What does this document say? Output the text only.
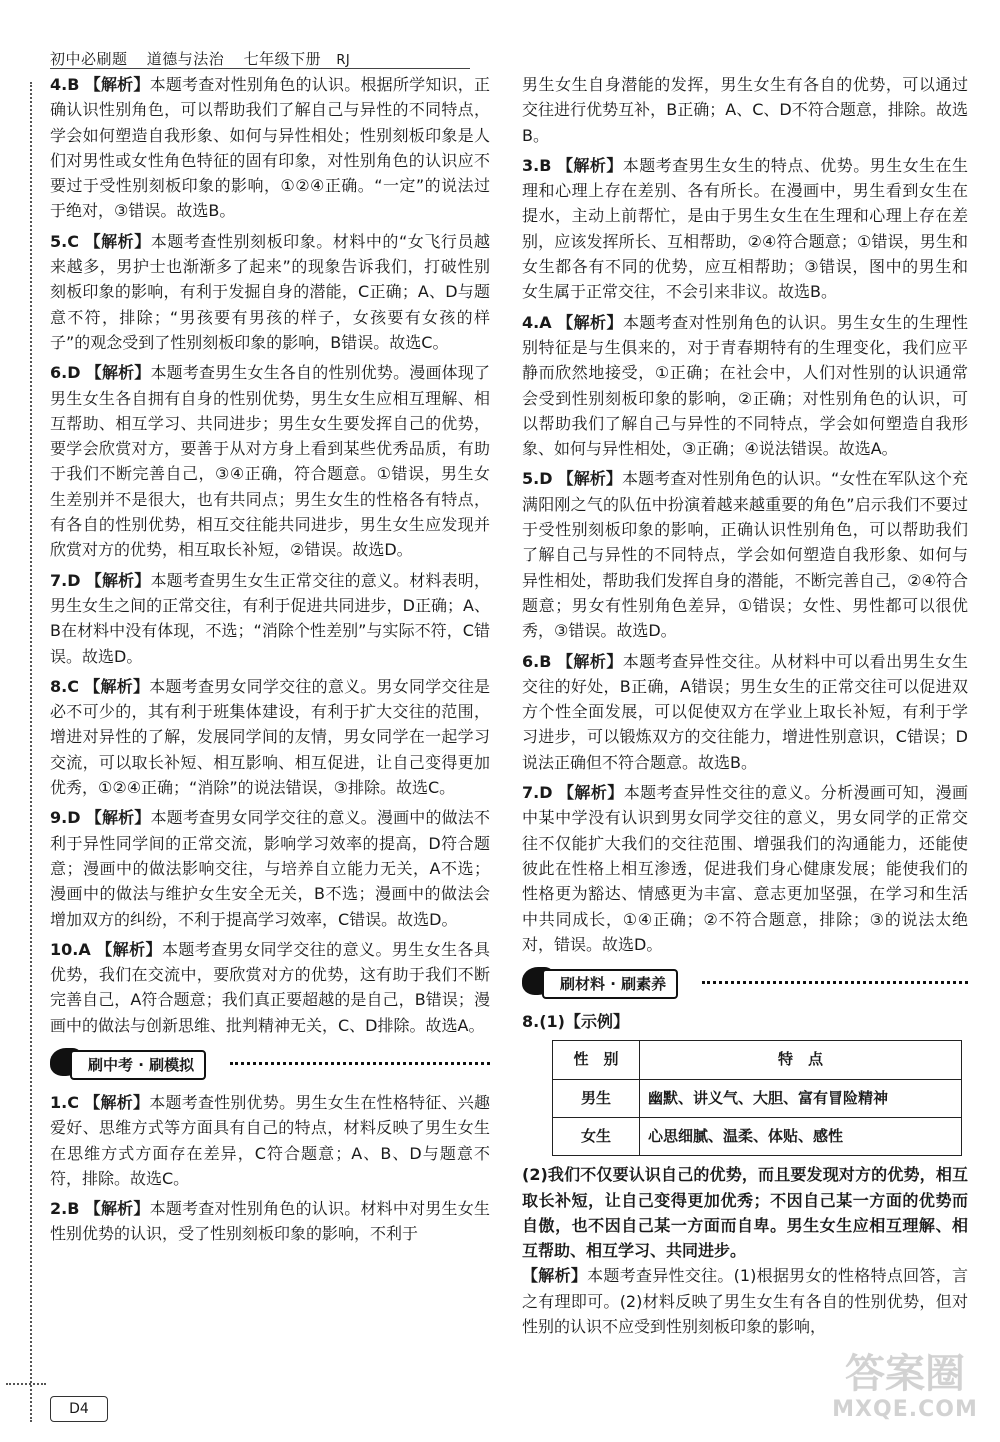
初中必刷题 道德与法治 七年级下册 RJ
4.B 【解析】本题考查对性别角色的认识。根据所学知识，正确认识性别角色，可以帮助我们了解自己与异性的不同特点，学会如何塑造自我形象、如何与异性相处；性别刻板印象是人们对男性或女性角色特征的固有印象，对性别角色的认识应不要过于受性别刻板印象的影响，①②④正确。“一定”的说法过于绝对，③错误。故选B。
5.C 【解析】本题考查性别刻板印象。材料中的“女飞行员越来越多，男护士也渐渐多了起来”的现象告诉我们，打破性别刻板印象的影响，有利于发掘自身的潜能，C正确；A、D与题意不符，排除；“男孩要有男孩的样子，女孩要有女孩的样子”的观念受到了性别刻板印象的影响，B错误。故选C。
6.D 【解析】本题考查男生女生各自的性别优势。漫画体现了男生女生各自拥有自身的性别优势，男生女生应相互理解、相互帮助、相互学习、共同进步；男生女生要发挥自己的优势，要学会欣赏对方，要善于从对方身上看到某些优秀品质，有助于我们不断完善自己，③④正确，符合题意。①错误，男生女生差别并不是很大，也有共同点；男生女生的性格各有特点，有各自的性别优势，相互交往能共同进步，男生女生应发现并欣赏对方的优势，相互取长补短，②错误。故选D。
7.D 【解析】本题考查男生女生正常交往的意义。材料表明，男生女生之间的正常交往，有利于促进共同进步，D正确；A、B在材料中没有体现，不选；“消除个性差别”与实际不符，C错误。故选D。
8.C 【解析】本题考查男女同学交往的意义。男女同学交往是必不可少的，其有利于班集体建设，有利于扩大交往的范围，增进对异性的了解，发展同学间的友情，男女同学在一起学习交流，可以取长补短、相互影响、相互促进，让自己变得更加优秀，①②④正确；“消除”的说法错误，③排除。故选C。
9.D 【解析】本题考查男女同学交往的意义。漫画中的做法不利于异性同学间的正常交流，影响学习效率的提高，D符合题意；漫画中的做法影响交往，与培养自立能力无关，A不选；漫画中的做法与维护女生安全无关，B不选；漫画中的做法会增加双方的纠纷，不利于提高学习效率，C错误。故选D。
10.A 【解析】本题考查男女同学交往的意义。男生女生各具优势，我们在交流中，要欣赏对方的优势，这有助于我们不断完善自己，A符合题意；我们真正要超越的是自己，B错误；漫画中的做法与创新思维、批判精神无关，C、D排除。故选A。
刷中考 · 刷模拟
1.C 【解析】本题考查性别优势。男生女生在性格特征、兴趣爱好、思维方式等方面具有自己的特点，材料反映了男生女生在思维方式方面存在差异，C符合题意；A、B、D与题意不符，排除。故选C。
2.B 【解析】本题考查对性别角色的认识。材料中对男生女生性别优势的认识，受了性别刻板印象的影响，不利于
男生女生自身潜能的发挥，男生女生有各自的优势，可以通过交往进行优势互补，B正确；A、C、D不符合题意，排除。故选B。
3.B 【解析】本题考查男生女生的特点、优势。男生女生在生理和心理上存在差别、各有所长。在漫画中，男生看到女生在提水，主动上前帮忙，是由于男生女生在生理和心理上存在差别，应该发挥所长、互相帮助，②④符合题意；①错误，男生和女生都各有不同的优势，应互相帮助；③错误，图中的男生和女生属于正常交往，不会引来非议。故选B。
4.A 【解析】本题考查对性别角色的认识。男生女生的生理性别特征是与生俱来的，对于青春期特有的生理变化，我们应平静而欣然地接受，①正确；在社会中，人们对性别的认识通常会受到性别刻板印象的影响，②正确；对性别角色的认识，可以帮助我们了解自己与异性的不同特点，学会如何塑造自我形象、如何与异性相处，③正确；④说法错误。故选A。
5.D 【解析】本题考查对性别角色的认识。“女性在军队这个充满阳刚之气的队伍中扮演着越来越重要的角色”启示我们不要过于受性别刻板印象的影响，正确认识性别角色，可以帮助我们了解自己与异性的不同特点，学会如何塑造自我形象、如何与异性相处，帮助我们发挥自身的潜能，不断完善自己，②④符合题意；男女有性别角色差异，①错误；女性、男性都可以很优秀，③错误。故选D。
6.B 【解析】本题考查异性交往。从材料中可以看出男生女生交往的好处，B正确，A错误；男生女生的正常交往可以促进双方个性全面发展，可以促使双方在学业上取长补短，有利于学习进步，可以锻炼双方的交往能力，增进性别意识，C错误；D说法正确但不符合题意。故选B。
7.D 【解析】本题考查异性交往的意义。分析漫画可知，漫画中某中学没有认识到男女同学交往的意义，男女同学的正常交往不仅能扩大我们的交往范围、增强我们的沟通能力，还能使彼此在性格上相互渗透，促进我们身心健康发展；能使我们的性格更为豁达、情感更为丰富、意志更加坚强，在学习和生活中共同成长，①④正确；②不符合题意，排除；③的说法太绝对，错误。故选D。
刷材料 · 刷素养
8.(1)【示例】
性　别	特　点
男生	幽默、讲义气、大胆、富有冒险精神
女生	心思细腻、温柔、体贴、感性
(2)我们不仅要认识自己的优势，而且要发现对方的优势，相互取长补短，让自己变得更加优秀；不因自己某一方面的优势而自傲，也不因自己某一方面而自卑。男生女生应相互理解、相互帮助、相互学习、共同进步。
【解析】本题考查异性交往。(1)根据男女的性格特点回答，言之有理即可。(2)材料反映了男生女生有各自的性别优势，但对性别的认识不应受到性别刻板印象的影响，
D4
答案圈
MXQE.COM
